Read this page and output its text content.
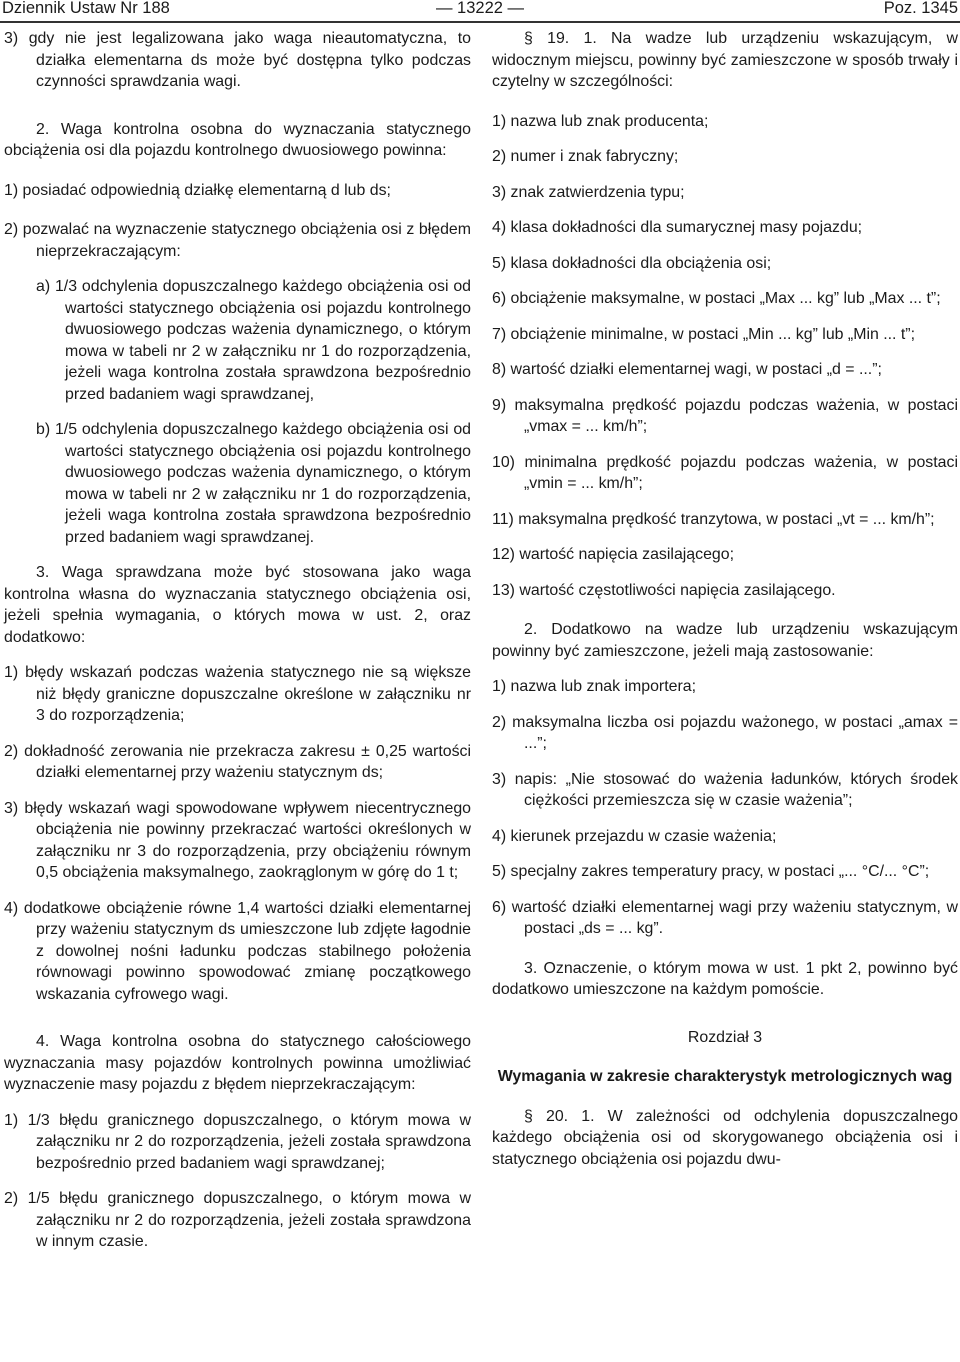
Dziennik Ustaw Nr 188	— 13222 —	Poz. 1345

3) gdy nie jest legalizowana jako waga nieautomatyczna, to działka elementarna ds może być dostępna tylko podczas czynności sprawdzania wagi.

2. Waga kontrolna osobna do wyznaczania statycznego obciążenia osi dla pojazdu kontrolnego dwuosiowego powinna:

1) posiadać odpowiednią działkę elementarną d lub ds;

2) pozwalać na wyznaczenie statycznego obciążenia osi z błędem nieprzekraczającym:

a) 1/3 odchylenia dopuszczalnego każdego obciążenia osi od wartości statycznego obciążenia osi pojazdu kontrolnego dwuosiowego podczas ważenia dynamicznego, o którym mowa w tabeli nr 2 w załączniku nr 1 do rozporządzenia, jeżeli waga kontrolna została sprawdzona bezpośrednio przed badaniem wagi sprawdzanej,

b) 1/5 odchylenia dopuszczalnego każdego obciążenia osi od wartości statycznego obciążenia osi pojazdu kontrolnego dwuosiowego podczas ważenia dynamicznego, o którym mowa w tabeli nr 2 w załączniku nr 1 do rozporządzenia, jeżeli waga kontrolna została sprawdzona bezpośrednio przed badaniem wagi sprawdzanej.

3. Waga sprawdzana może być stosowana jako waga kontrolna własna do wyznaczania statycznego obciążenia osi, jeżeli spełnia wymagania, o których mowa w ust. 2, oraz dodatkowo:

1) błędy wskazań podczas ważenia statycznego nie są większe niż błędy graniczne dopuszczalne określone w załączniku nr 3 do rozporządzenia;

2) dokładność zerowania nie przekracza zakresu ± 0,25 wartości działki elementarnej przy ważeniu statycznym ds;

3) błędy wskazań wagi spowodowane wpływem niecentrycznego obciążenia nie powinny przekraczać wartości określonych w załączniku nr 3 do rozporządzenia, przy obciążeniu równym 0,5 obciążenia maksymalnego, zaokrąglonym w górę do 1 t;

4) dodatkowe obciążenie równe 1,4 wartości działki elementarnej przy ważeniu statycznym ds umieszczone lub zdjęte łagodnie z dowolnej nośni ładunku podczas stabilnego położenia równowagi powinno spowodować zmianę początkowego wskazania cyfrowego wagi.

4. Waga kontrolna osobna do statycznego całościowego wyznaczania masy pojazdów kontrolnych powinna umożliwiać wyznaczenie masy pojazdu z błędem nieprzekraczającym:

1) 1/3 błędu granicznego dopuszczalnego, o którym mowa w załączniku nr 2 do rozporządzenia, jeżeli została sprawdzona bezpośrednio przed badaniem wagi sprawdzanej;

2) 1/5 błędu granicznego dopuszczalnego, o którym mowa w załączniku nr 2 do rozporządzenia, jeżeli została sprawdzona w innym czasie.

§ 19. 1. Na wadze lub urządzeniu wskazującym, w widocznym miejscu, powinny być zamieszczone w sposób trwały i czytelny w szczególności:

1) nazwa lub znak producenta;

2) numer i znak fabryczny;

3) znak zatwierdzenia typu;

4) klasa dokładności dla sumarycznej masy pojazdu;

5) klasa dokładności dla obciążenia osi;

6) obciążenie maksymalne, w postaci „Max ... kg” lub „Max ... t”;

7) obciążenie minimalne, w postaci „Min ... kg” lub „Min ... t”;

8) wartość działki elementarnej wagi, w postaci „d = ...”;

9) maksymalna prędkość pojazdu podczas ważenia, w postaci „vmax = ... km/h”;

10) minimalna prędkość pojazdu podczas ważenia, w postaci „vmin = ... km/h”;

11) maksymalna prędkość tranzytowa, w postaci „vt = ... km/h”;

12) wartość napięcia zasilającego;

13) wartość częstotliwości napięcia zasilającego.

2. Dodatkowo na wadze lub urządzeniu wskazującym powinny być zamieszczone, jeżeli mają zastosowanie:

1) nazwa lub znak importera;

2) maksymalna liczba osi pojazdu ważonego, w postaci „amax = ...”;

3) napis: „Nie stosować do ważenia ładunków, których środek ciężkości przemieszcza się w czasie ważenia”;

4) kierunek przejazdu w czasie ważenia;

5) specjalny zakres temperatury pracy, w postaci „... °C/... °C”;

6) wartość działki elementarnej wagi przy ważeniu statycznym, w postaci „ds = ... kg”.

3. Oznaczenie, o którym mowa w ust. 1 pkt 2, powinno być dodatkowo umieszczone na każdym pomoście.

Rozdział 3

Wymagania w zakresie charakterystyk metrologicznych wag

§ 20. 1. W zależności od odchylenia dopuszczalnego każdego obciążenia osi od skorygowanego obciążenia osi i statycznego obciążenia osi pojazdu dwu-
